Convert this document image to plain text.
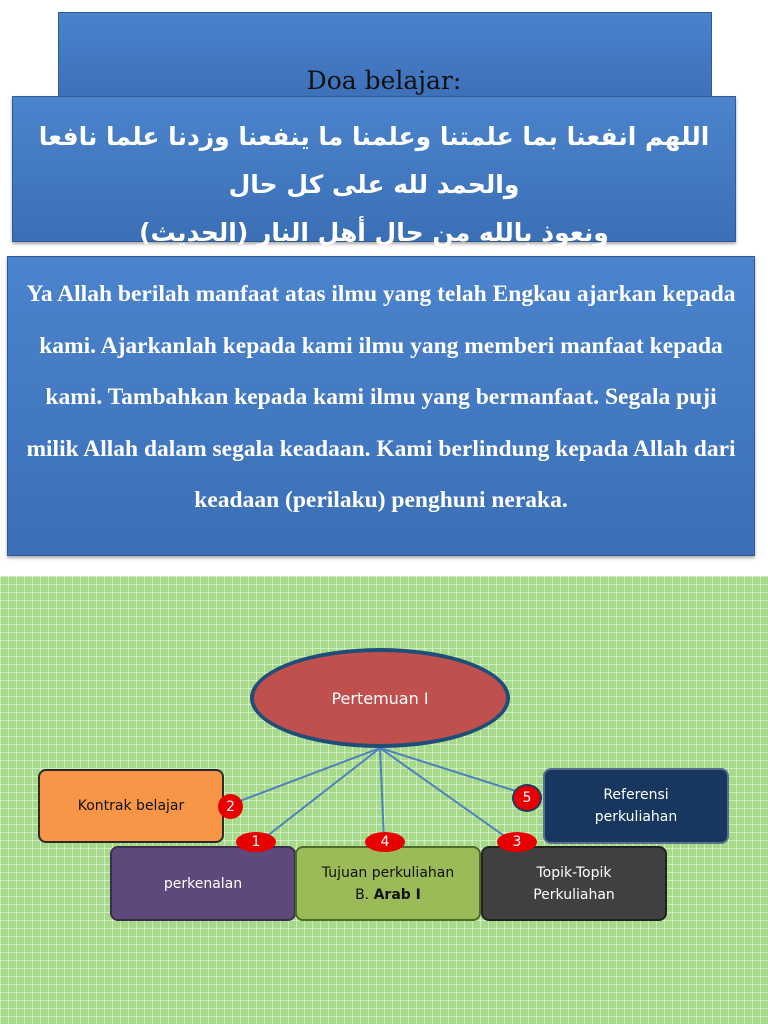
Doa belajar:
اللهم انفعنا بما علمتنا وعلمنا ما ينفعنا وزدنا علما نافعا والحمد لله على كل حال
ونعوذ بالله من حال أهل النار (الحديث)
Ya Allah berilah manfaat atas ilmu yang telah Engkau ajarkan kepada kami. Ajarkanlah kepada kami ilmu yang memberi manfaat kepada kami. Tambahkan kepada kami ilmu yang bermanfaat. Segala puji milik Allah dalam segala keadaan. Kami berlindung kepada Allah dari keadaan (perilaku) penghuni neraka.
Pertemuan I
Kontrak belajar
Referensi
perkuliahan
perkenalan
Tujuan perkuliahan
B. Arab I
Topik-Topik
Perkuliahan
2
5
1	4	3
